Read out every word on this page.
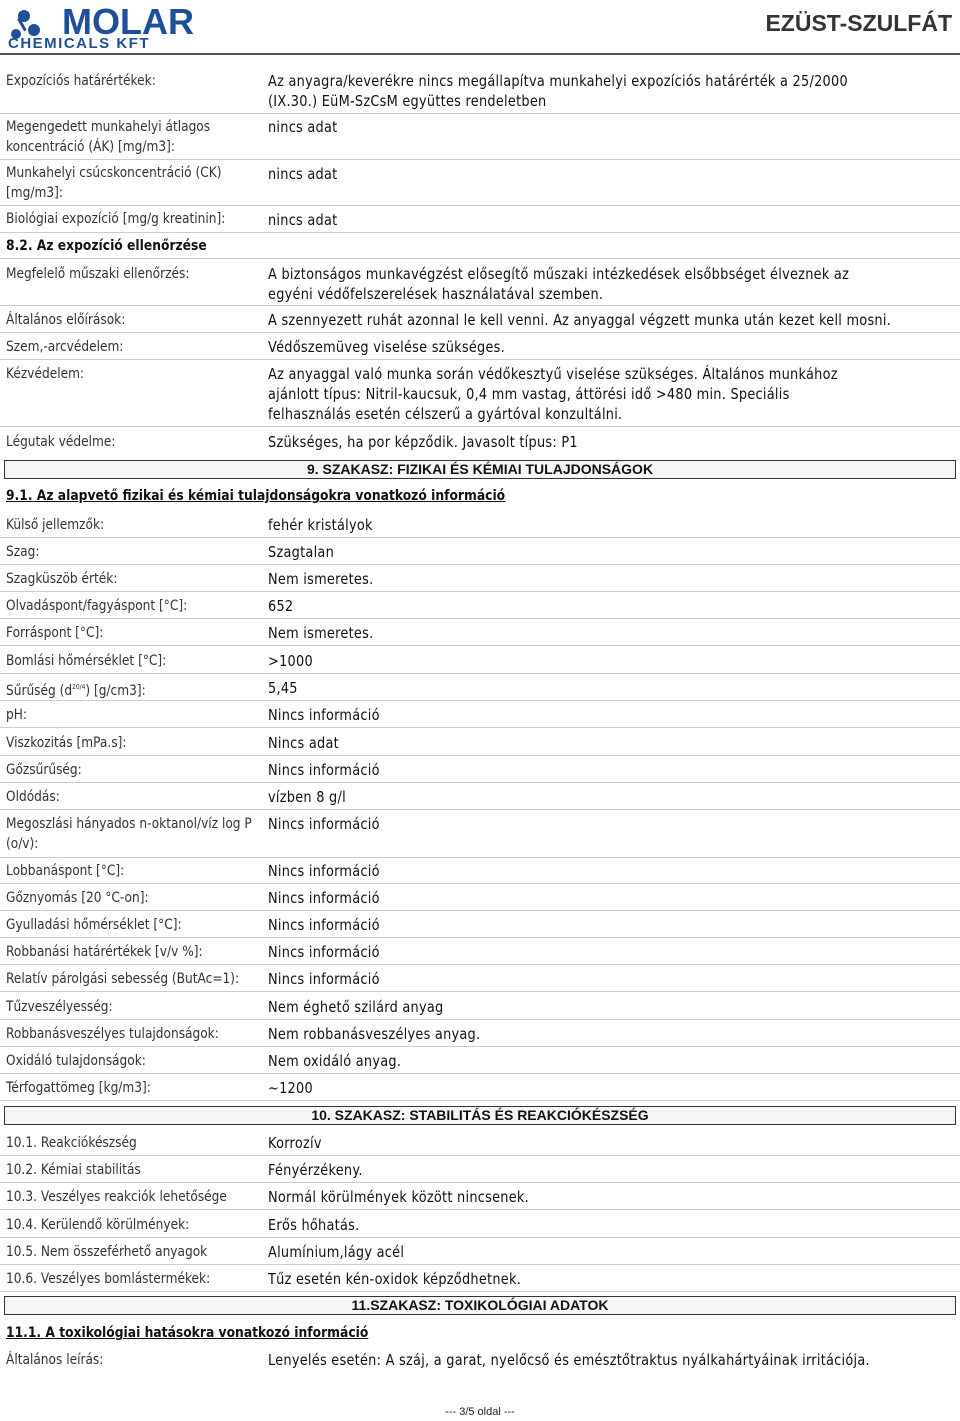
MOLAR
CHEMICALS KFT
EZÜST-SZULFÁT
Expozíciós határértékek:	Az anyagra/keverékre nincs megállapítva munkahelyi expozíciós határérték a 25/2000
(IX.30.) EüM-SzCsM együttes rendeletben
Megengedett munkahelyi átlagos
koncentráció (ÁK) [mg/m3]:
nincs adat
Munkahelyi csúcskoncentráció (CK)
[mg/m3]:
nincs adat
Biológiai expozíció [mg/g kreatinin]:	nincs adat
8.2. Az expozíció ellenőrzése
Megfelelő műszaki ellenőrzés:	A biztonságos munkavégzést elősegítő műszaki intézkedések elsőbbséget élveznek az
egyéni védőfelszerelések használatával szemben.
Általános előírások:	A szennyezett ruhát azonnal le kell venni. Az anyaggal végzett munka után kezet kell mosni.
Szem,-arcvédelem:	Védőszemüveg viselése szükséges.
Kézvédelem:	Az anyaggal való munka során védőkesztyű viselése szükséges. Általános munkához
ajánlott típus: Nitril-kaucsuk, 0,4 mm vastag, áttörési idő >480 min. Speciális
felhasználás esetén célszerű a gyártóval konzultálni.
Légutak védelme:	Szükséges, ha por képződik. Javasolt típus: P1
9. SZAKASZ: FIZIKAI ÉS KÉMIAI TULAJDONSÁGOK
9.1. Az alapvető fizikai és kémiai tulajdonságokra vonatkozó információ
Külső jellemzők:	fehér kristályok
Szag:	Szagtalan
Szagküszöb érték:	Nem ismeretes.
Olvadáspont/fagyáspont [°C]:	652
Forráspont [°C]:	Nem ismeretes.
Bomlási hőmérséklet [°C]:	>1000
Sűrűség $(d^{20/4})$ [g/cm3]:	5,45
pH:	Nincs információ
Viszkozitás [mPa.s]:	Nincs adat
Gőzsűrűség:	Nincs információ
Oldódás:	vízben 8 g/l
Megoszlási hányados n-oktanol/víz log P
(o/v):
Nincs információ
Lobbanáspont [°C]:	Nincs információ
Gőznyomás [20 °C-on]:	Nincs információ
Gyulladási hőmérséklet [°C]:	Nincs információ
Robbanási határértékek [v/v %]:	Nincs információ
Relatív párolgási sebesség (ButAc=1): Nincs információ
Tűzveszélyesség:	Nem éghető szilárd anyag
Robbanásveszélyes tulajdonságok:	Nem robbanásveszélyes anyag.
Oxidáló tulajdonságok:	Nem oxidáló anyag.
Térfogattömeg [kg/m3]:	~1200
10. SZAKASZ: STABILITÁS ÉS REAKCIÓKÉSZSÉG
10.1. Reakciókészség	Korrozív
10.2. Kémiai stabilitás	Fényérzékeny.
10.3. Veszélyes reakciók lehetősége	Normál körülmények között nincsenek.
10.4. Kerülendő körülmények:	Erős hőhatás.
10.5. Nem összeférhető anyagok	Alumínium,lágy acél
10.6. Veszélyes bomlástermékek:	Tűz esetén kén-oxidok képződhetnek.
11.SZAKASZ: TOXIKOLÓGIAI ADATOK
11.1. A toxikológiai hatásokra vonatkozó információ
Általános leírás:	Lenyelés esetén: A száj, a garat, nyelőcső és emésztőtraktus nyálkahártyáinak irritációja.
--- 3/5 oldal ---
